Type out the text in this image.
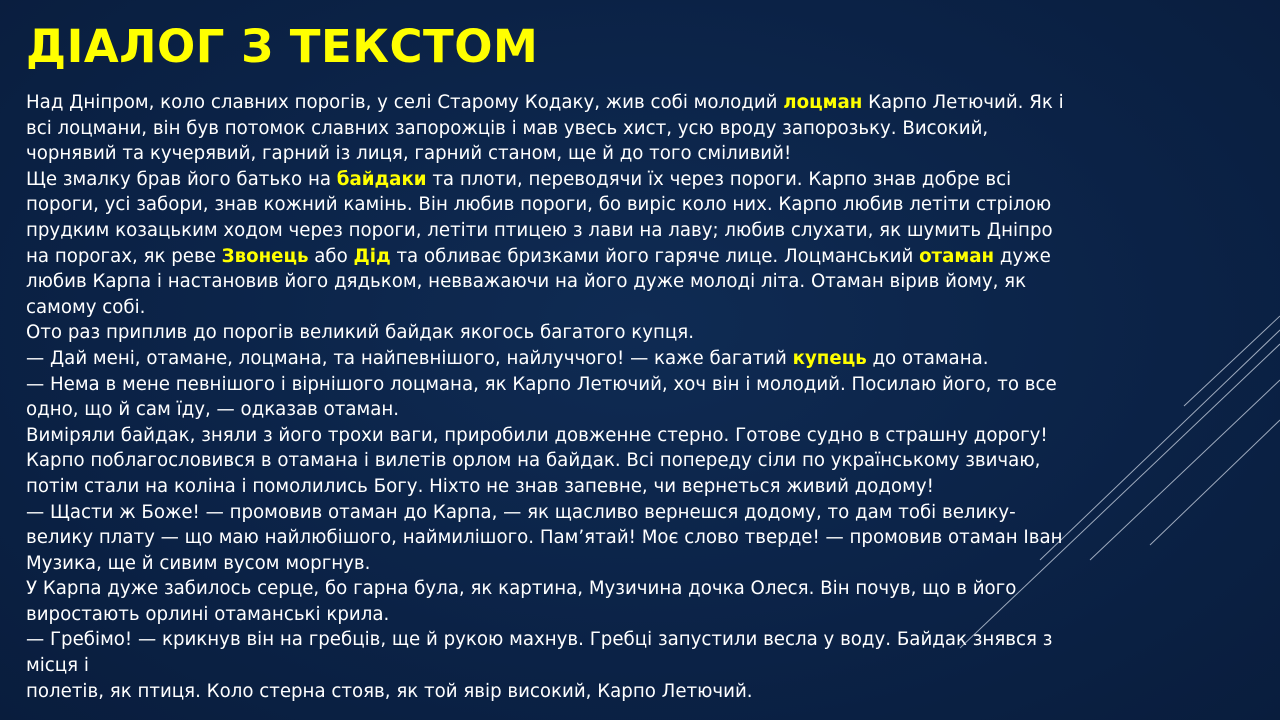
ДІАЛОГ З ТЕКСТОМ
Над Дніпром, коло славних порогів, у селі Старому Кодаку, жив собі молодий лоцман Карпо Летючий. Як і
всі лоцмани, він був потомок славних запорожців і мав увесь хист, усю вроду запорозьку. Високий,
чорнявий та кучерявий, гарний із лиця, гарний станом, ще й до того сміливий!
Ще змалку брав його батько на байдаки та плоти, переводячи їх через пороги. Карпо знав добре всі
пороги, усі забори, знав кожний камінь. Він любив пороги, бо виріс коло них. Карпо любив летіти стрілою
прудким козацьким ходом через пороги, летіти птицею з лави на лаву; любив слухати, як шумить Дніпро
на порогах, як реве Звонець або Дід та обливає бризками його гаряче лице. Лоцманський отаман дуже
любив Карпа і настановив його дядьком, невважаючи на його дуже молоді літа. Отаман вірив йому, як
самому собі.
Ото раз приплив до порогів великий байдак якогось багатого купця.
— Дай мені, отамане, лоцмана, та найпевнішого, найлуччого! — каже багатий купець до отамана.
— Нема в мене певнішого і вірнішого лоцмана, як Карпо Летючий, хоч він і молодий. Посилаю його, то все
одно, що й сам їду, — одказав отаман.
Виміряли байдак, зняли з його трохи ваги, приробили довженне стерно. Готове судно в страшну дорогу!
Карпо поблагословився в отамана і вилетів орлом на байдак. Всі попереду сіли по українському звичаю,
потім стали на коліна і помолились Богу. Ніхто не знав запевне, чи вернеться живий додому!
— Щасти ж Боже! — промовив отаман до Карпа, — як щасливо вернешся додому, то дам тобі велику-
велику плату — що маю найлюбішого, наймилішого. Пам’ятай! Моє слово тверде! — промовив отаман Іван
Музика, ще й сивим вусом моргнув.
У Карпа дуже забилось серце, бо гарна була, як картина, Музичина дочка Олеся. Він почув, що в його
виростають орлині отаманські крила.
— Гребімо! — крикнув він на гребців, ще й рукою махнув. Гребці запустили весла у воду. Байдак знявся з
місця і
полетів, як птиця. Коло стерна стояв, як той явір високий, Карпо Летючий.
